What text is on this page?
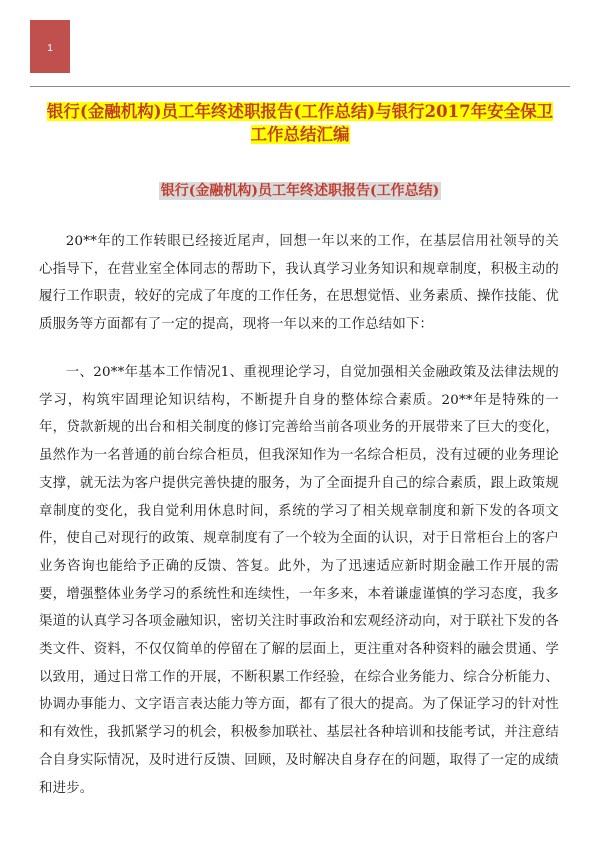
1
银行(金融机构)员工年终述职报告(工作总结)与银行2017年安全保卫工作总结汇编
银行(金融机构)员工年终述职报告(工作总结)

20**年的工作转眼已经接近尾声，回想一年以来的工作，在基层信用社领导的关心指导下，在营业室全体同志的帮助下，我认真学习业务知识和规章制度，积极主动的履行工作职责，较好的完成了年度的工作任务，在思想觉悟、业务素质、操作技能、优质服务等方面都有了一定的提高，现将一年以来的工作总结如下：

一、20**年基本工作情况1、重视理论学习，自觉加强相关金融政策及法律法规的学习，构筑牢固理论知识结构，不断提升自身的整体综合素质。20**年是特殊的一年，贷款新规的出台和相关制度的修订完善给当前各项业务的开展带来了巨大的变化，虽然作为一名普通的前台综合柜员，但我深知作为一名综合柜员，没有过硬的业务理论支撑，就无法为客户提供完善快捷的服务，为了全面提升自己的综合素质，跟上政策规章制度的变化，我自觉利用休息时间，系统的学习了相关规章制度和新下发的各项文件，使自己对现行的政策、规章制度有了一个较为全面的认识，对于日常柜台上的客户业务咨询也能给予正确的反馈、答复。此外，为了迅速适应新时期金融工作开展的需要，增强整体业务学习的系统性和连续性，一年多来，本着谦虚谨慎的学习态度，我多渠道的认真学习各项金融知识，密切关注时事政治和宏观经济动向，对于联社下发的各类文件、资料，不仅仅简单的停留在了解的层面上，更注重对各种资料的融会贯通、学以致用，通过日常工作的开展，不断积累工作经验，在综合业务能力、综合分析能力、协调办事能力、文字语言表达能力等方面，都有了很大的提高。为了保证学习的针对性和有效性，我抓紧学习的机会，积极参加联社、基层社各种培训和技能考试，并注意结合自身实际情况，及时进行反馈、回顾，及时解决自身存在的问题，取得了一定的成绩和进步。
